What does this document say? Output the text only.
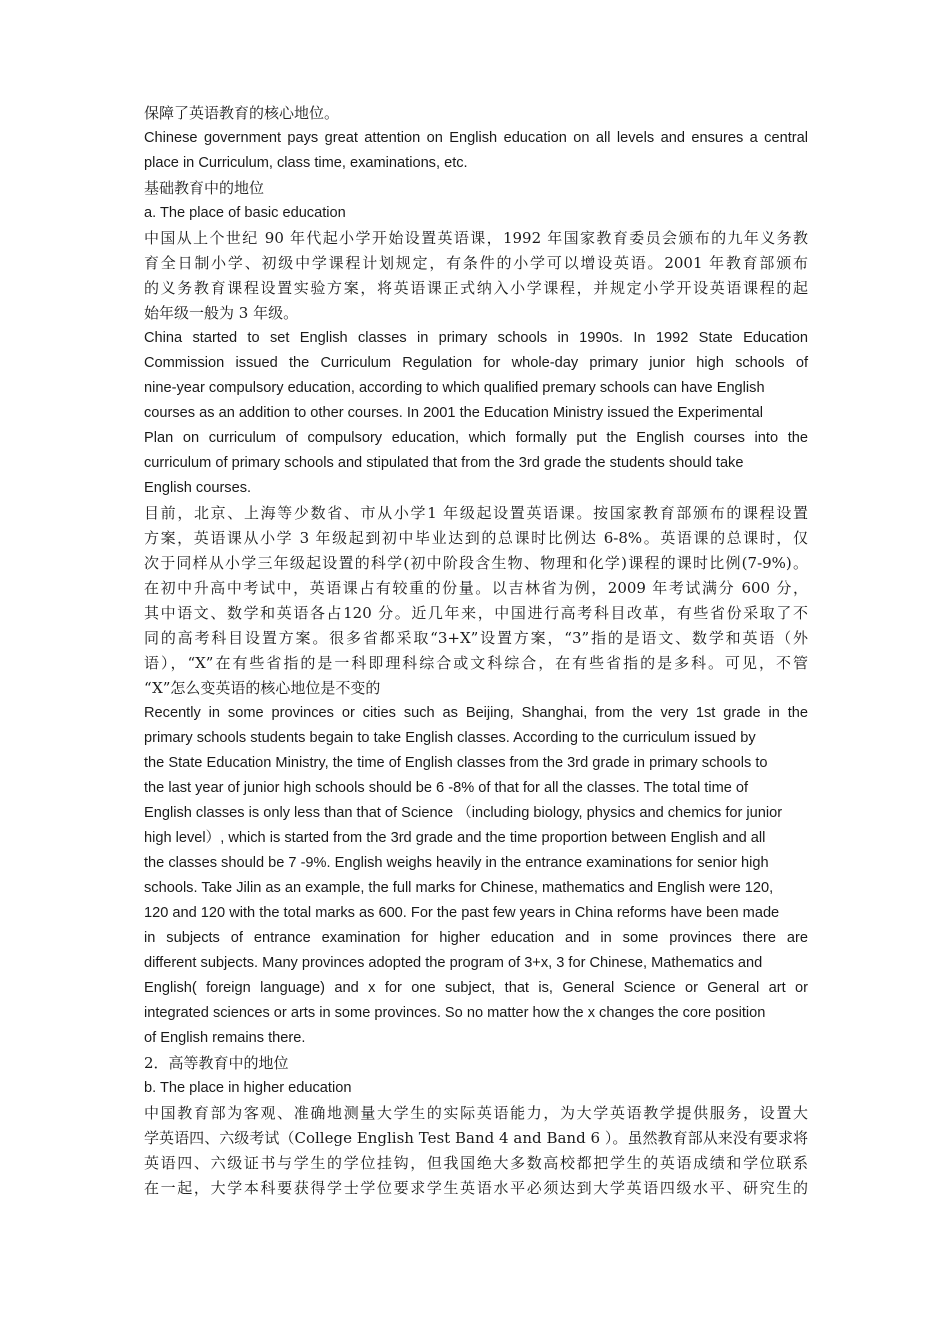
保障了英语教育的核心地位。
Chinese government pays great attention on English education on all levels and ensures a central
place in Curriculum, class time, examinations, etc.
基础教育中的地位
a. The place of basic education
中国从上个世纪 90 年代起小学开始设置英语课，1992 年国家教育委员会颁布的九年义务教
育全日制小学、初级中学课程计划规定，有条件的小学可以增设英语。2001 年教育部颁布
的义务教育课程设置实验方案，将英语课正式纳入小学课程，并规定小学开设英语课程的起
始年级一般为 3 年级。
China started to set English classes in primary schools in 1990s. In 1992 State Education
Commission issued the Curriculum Regulation for whole-day primary junior high schools of
nine-year compulsory education, according to which qualified premary schools can have English
courses as an addition to other courses. In 2001 the Education Ministry issued the Experimental
Plan on curriculum of compulsory education, which formally put the English courses into the
curriculum of primary schools and stipulated that from the 3rd grade the students should take
English courses.
目前，北京、上海等少数省、市从小学1 年级起设置英语课。按国家教育部颁布的课程设置
方案，英语课从小学 3 年级起到初中毕业达到的总课时比例达 6-8%。英语课的总课时，仅
次于同样从小学三年级起设置的科学(初中阶段含生物、物理和化学)课程的课时比例(7-9%)。
在初中升高中考试中，英语课占有较重的份量。以吉林省为例，2009 年考试满分 600 分，
其中语文、数学和英语各占120 分。近几年来，中国进行高考科目改革，有些省份采取了不
同的高考科目设置方案。很多省都采取“3+X”设置方案，“3”指的是语文、数学和英语（外
语），“X”在有些省指的是一科即理科综合或文科综合，在有些省指的是多科。可见，不管
“X”怎么变英语的核心地位是不变的
Recently in some provinces or cities such as Beijing, Shanghai, from the very 1st grade in the
primary schools students begain to take English classes. According to the curriculum issued by
the State Education Ministry, the time of English classes from the 3rd grade in primary schools to
the last year of junior high schools should be 6 -8% of that for all the classes. The total time of
English classes is only less than that of Science （including biology, physics and chemics for junior
high level）, which is started from the 3rd grade and the time proportion between English and all
the classes should be 7 -9%. English weighs heavily in the entrance examinations for senior high
schools. Take Jilin as an example, the full marks for Chinese, mathematics and English were 120,
120 and 120 with the total marks as 600. For the past few years in China reforms have been made
in subjects of entrance examination for higher education and in some provinces there are
different subjects. Many provinces adopted the program of 3+x, 3 for Chinese, Mathematics and
English( foreign language) and x for one subject, that is, General Science or General art or
integrated sciences or arts in some provinces. So no matter how the x changes the core position
of English remains there.
2．高等教育中的地位
b. The place in higher education
中国教育部为客观、准确地测量大学生的实际英语能力，为大学英语教学提供服务，设置大
学英语四、六级考试（College English Test Band 4 and Band 6 ）。虽然教育部从来没有要求将
英语四、六级证书与学生的学位挂钩，但我国绝大多数高校都把学生的英语成绩和学位联系
在一起，大学本科要获得学士学位要求学生英语水平必须达到大学英语四级水平、研究生的
